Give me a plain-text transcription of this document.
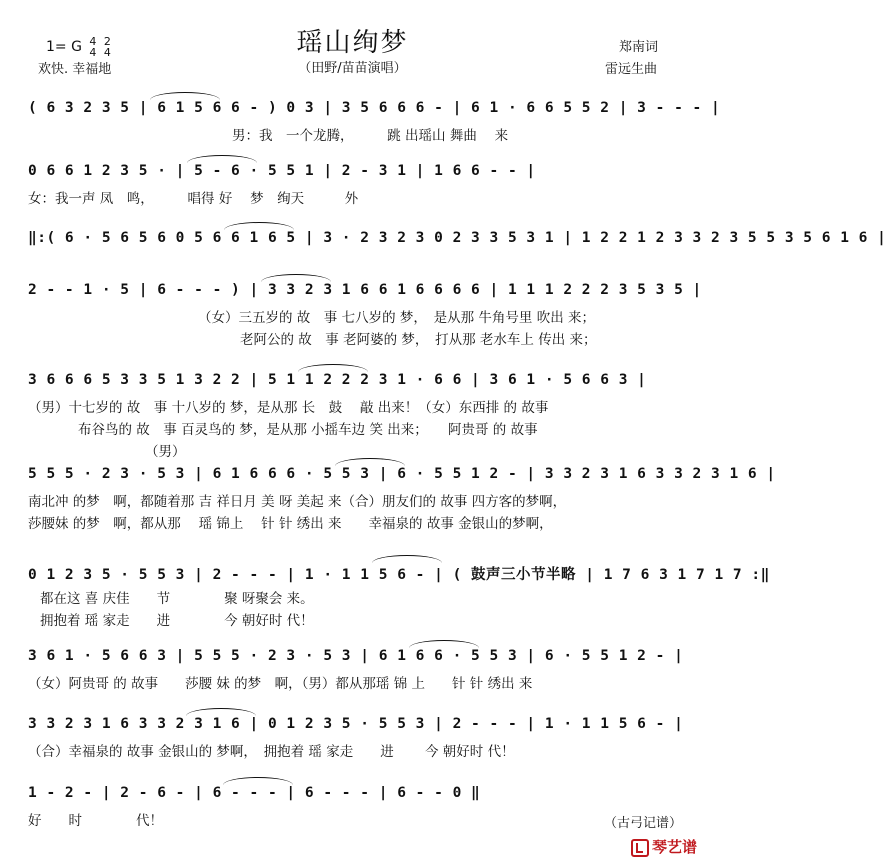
瑶山绚梦
1= G 4
4

2
4
欢快. 幸福地	（田野/苗苗演唱）
郑南词
雷远生曲
( 6 3 2 3 5 | 6 1 5 6 6 - ) 0 3 | 3 5 6 6 6 - | 6 1 · 6 6 5 5 2 | 3 - - - |
男：我　一个龙腾，　　　跳 出瑶山 舞曲　 来
0 6 6 1 2 3 5 · | 5 - 6 · 5 5 1 | 2 - 3 1 | 1 6 6 - - |
女：我一声 凤　鸣，　　　唱得 好　 梦　绚天　　　外
‖:( 6 · 5 6 5 6 0 5 6 6 1 6 5 | 3 · 2 3 2 3 0 2 3 3 5 3 1 | 1 2 2 1 2 3 3 2 3 5 5 3 5 6 1 6 |
2 - - 1 · 5 | 6 - - - ) | 3 3 2 3 1 6 6 1 6 6 6 6 | 1 1 1 2 2 2 3 5 3 5 |
（女）三五岁的 故　事 七八岁的 梦，　是从那 牛角号里 吹出 来；
老阿公的 故　事 老阿婆的 梦，　打从那 老水车上 传出 来；
3 6 6 6 5 3 3 5 1 3 2 2 | 5 1 1 2 2 2 3 1 · 6 6 | 3 6 1 · 5 6 6 3 |
（男）十七岁的 故　事 十八岁的 梦，是从那 长　鼓　 敲 出来！（女）东西排 的 故事
布谷鸟的 故　事 百灵鸟的 梦，是从那 小摇车边 笑 出来；　　阿贵哥 的 故事
（男）
5 5 5 · 2 3 · 5 3 | 6 1 6 6 6 · 5 5 3 | 6 · 5 5 1 2 - | 3 3 2 3 1 6 3 3 2 3 1 6 |
南北冲 的梦　啊，都随着那 吉 祥日月 美 呀 美起 来（合）朋友们的 故事 四方客的梦啊，
莎腰妹 的梦　啊，都从那　 瑶 锦上　 针 针 绣出 来　　幸福泉的 故事 金银山的梦啊，
0 1 2 3 5 · 5 5 3 | 2 - - - | 1 · 1 1 5 6 - | ( 鼓声三小节半略 | 1 7 6 3 1 7 1 7 :‖
都在这 喜 庆佳　　节　　　　聚 呀聚会 来。
拥抱着 瑶 家走　　进　　　　今 朝好时 代！
3 6 1 · 5 6 6 3 | 5 5 5 · 2 3 · 5 3 | 6 1 6 6 · 5 5 3 | 6 · 5 5 1 2 - |
（女）阿贵哥 的 故事　　莎腰 妹 的梦　啊，（男）都从那瑶 锦 上　　针 针 绣出 来
3 3 2 3 1 6 3 3 2 3 1 6 | 0 1 2 3 5 · 5 5 3 | 2 - - - | 1 · 1 1 5 6 - |
（合）幸福泉的 故事 金银山的 梦啊，　拥抱着 瑶 家走　　进　　 今 朝好时 代！
1 - 2 - | 2 - 6 - | 6 - - - | 6 - - - | 6 - - 0 ‖
好　　时　　　　代！	（古弓记谱）
琴艺谱
